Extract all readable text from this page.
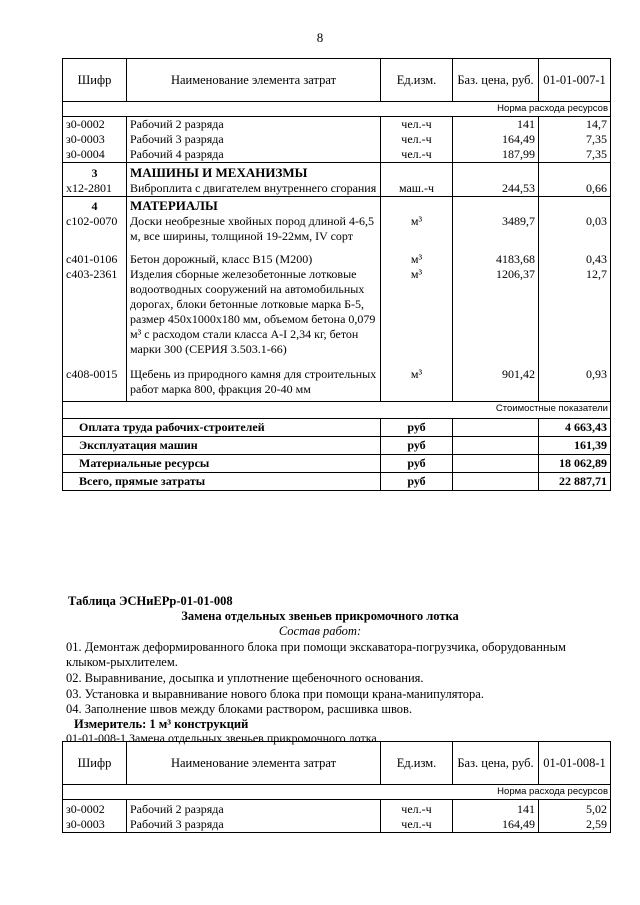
8
Шифр	Наименование элемента затрат	Ед.изм.	Баз. цена, руб.	01-01-007-1
Норма расхода ресурсов				
з0-0002	Рабочий 2 разряда	чел.-ч	141	14,7
з0-0003	Рабочий 3 разряда	чел.-ч	164,49	7,35
з0-0004	Рабочий 4 разряда	чел.-ч	187,99	7,35
3	МАШИНЫ И МЕХАНИЗМЫ			
х12-2801	Виброплита с двигателем внутреннего сгорания	маш.-ч	244,53	0,66
4	МАТЕРИАЛЫ			
с102-0070	Доски необрезные хвойных пород длиной 4-6,5 м, все ширины, толщиной 19-22мм, IV сорт	м³	3489,7	0,03
с401-0106	Бетон дорожный, класс В15 (М200)	м³	4183,68	0,43
с403-2361	Изделия сборные железобетонные лотковые водоотводных сооружений на автомобильных дорогах, блоки бетонные лотковые марка Б-5, размер 450x1000x180 мм, объемом бетона 0,079 м³ с расходом стали класса А-I 2,34 кг, бетон марки 300 (СЕРИЯ 3.503.1-66)	м³	1206,37	12,7
с408-0015	Щебень из природного камня для строительных работ марка 800, фракция 20-40 мм	м³	901,42	0,93
Стоимостные показатели				
Оплата труда рабочих-строителей		руб		4 663,43
Эксплуатация машин		руб		161,39
Материальные ресурсы		руб		18 062,89
Всего, прямые затраты		руб		22 887,71
Таблица ЭСНиЕРр-01-01-008
Замена отдельных звеньев прикромочного лотка
Состав работ:
01. Демонтаж деформированного блока при помощи экскаватора-погрузчика, оборудованным
клыком-рыхлителем.
02. Выравнивание, досыпка и уплотнение щебеночного основания.
03. Установка и выравнивание нового блока при помощи крана-манипулятора.
04. Заполнение швов между блоками раствором, расшивка швов.
Измеритель: 1 м³ конструкций
01-01-008-1 Замена отдельных звеньев прикромочного лотка
Шифр	Наименование элемента затрат	Ед.изм.	Баз. цена, руб.	01-01-008-1
Норма расхода ресурсов				
з0-0002	Рабочий 2 разряда	чел.-ч	141	5,02
з0-0003	Рабочий 3 разряда	чел.-ч	164,49	2,59
